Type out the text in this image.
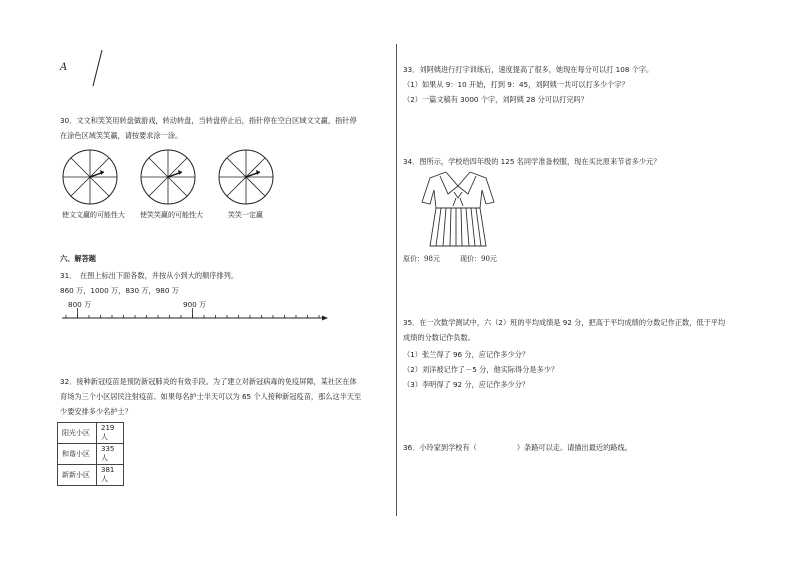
A
30．文文和笑笑用转盘做游戏，转动转盘，当转盘停止后，指针停在空白区域文文赢，指针停
在涂色区域笑笑赢，请按要求涂一涂。
使文文赢的可能性大 使笑笑赢的可能性大	笑笑一定赢
六、解答题
31．　在图上标出下面各数，并按从小到大的顺序排列。
860 万，1000 万，830 万，980 万
800 万	900 万
32．接种新冠疫苗是预防新冠肺炎的有效手段。为了建立对新冠病毒的免疫屏障，某社区在体
育场为三个小区居民注射疫苗。如果每名护士半天可以为 65 个人接种新冠疫苗，那么这半天至
少要安排多少名护士？
阳光小区	219 人
和谐小区	335 人
新新小区	381 人
33．刘阿姨进行打字训练后，速度提高了很多，她现在每分可以打 108 个字。
（1）如果从 9：10 开始，打到 9：45，刘阿姨一共可以打多少个字？
（2）一篇文稿有 3000 个字，刘阿姨 28 分可以打完吗？
34．图所示，学校给四年级的 125 名同学准备校服，现在买比原来节省多少元？
原价：98元	现价：90元
35．在一次数学测试中，六（2）班的平均成绩是 92 分，把高于平均成绩的分数记作正数，低于平均
成绩的分数记作负数。
（1）张兰得了 96 分，应记作多少分？
（2）刘洋被记作了－5 分，他实际得分是多少？
（3）李明得了 92 分，应记作多少分？
36．小玲家到学校有（	）条路可以走。请描出最近的路线。
